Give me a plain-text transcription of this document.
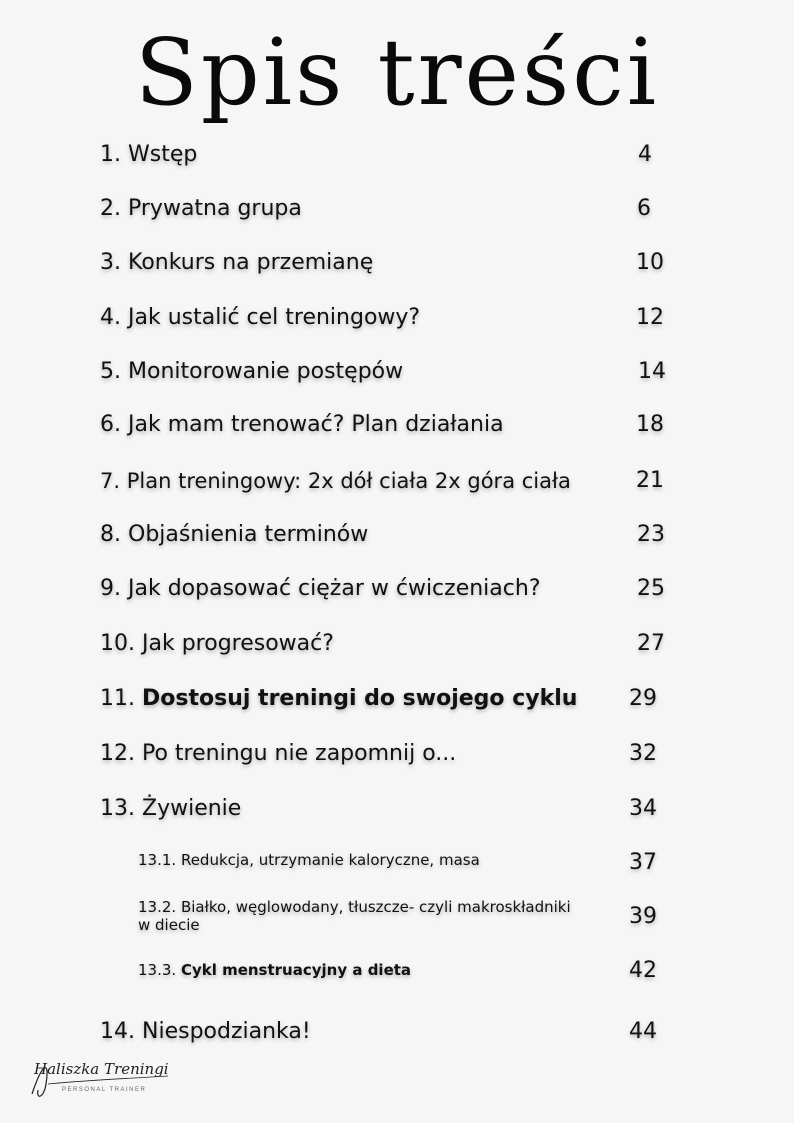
Spis treści
1. Wstęp	4
2. Prywatna grupa	6
3. Konkurs na przemianę	10
4. Jak ustalić cel treningowy?	12
5. Monitorowanie postępów	14
6. Jak mam trenować? Plan działania	18
7. Plan treningowy: 2x dół ciała 2x góra ciała	21
8. Objaśnienia terminów	23
9. Jak dopasować ciężar w ćwiczeniach?	25
10. Jak progresować?	27
11. Dostosuj treningi do swojego cyklu	29
12. Po treningu nie zapomnij o...	32
13. Żywienie	34
13.1. Redukcja, utrzymanie kaloryczne, masa	37
13.2. Białko, węglowodany, tłuszcze- czyli makroskładniki w diecie	39
13.3. Cykl menstruacyjny a dieta	42
14. Niespodzianka!	44
Haliszka Treningi
PERSONAL TRAINER
